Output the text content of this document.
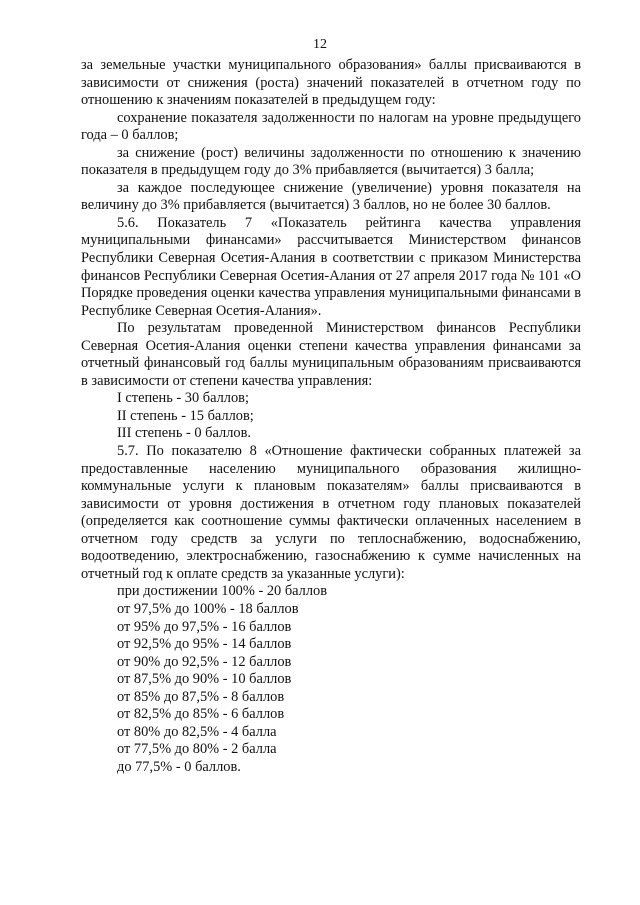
12

за земельные участки муниципального образования» баллы присваиваются в зависимости от снижения (роста) значений показателей в отчетном году по отношению к значениям показателей в предыдущем году:

сохранение показателя задолженности по налогам на уровне предыдущего года – 0 баллов;

за снижение (рост) величины задолженности по отношению к значению показателя в предыдущем году до 3% прибавляется (вычитается) 3 балла;

за каждое последующее снижение (увеличение) уровня показателя на величину до 3% прибавляется (вычитается) 3 баллов, но не более 30 баллов.

5.6. Показатель 7 «Показатель рейтинга качества управления муниципальными финансами» рассчитывается Министерством финансов Республики Северная Осетия-Алания в соответствии с приказом Министерства финансов Республики Северная Осетия-Алания от 27 апреля 2017 года № 101 «О Порядке проведения оценки качества управления муниципальными финансами в Республике Северная Осетия-Алания».

По результатам проведенной Министерством финансов Республики Северная Осетия-Алания оценки степени качества управления финансами за отчетный финансовый год баллы муниципальным образованиям присваиваются в зависимости от степени качества управления:

I степень - 30 баллов;

II степень - 15 баллов;

III степень - 0 баллов.

5.7. По показателю 8 «Отношение фактически собранных платежей за предоставленные населению муниципального образования жилищно-коммунальные услуги к плановым показателям» баллы присваиваются в зависимости от уровня достижения в отчетном году плановых показателей (определяется как соотношение суммы фактически оплаченных населением в отчетном году средств за услуги по теплоснабжению, водоснабжению, водоотведению, электроснабжению, газоснабжению к сумме начисленных на отчетный год к оплате средств за указанные услуги):

при достижении 100% - 20 баллов

от 97,5% до 100% - 18 баллов

от 95% до 97,5% - 16 баллов

от 92,5% до 95% - 14 баллов

от 90% до 92,5% - 12 баллов

от 87,5% до 90% - 10 баллов

от 85% до 87,5% - 8 баллов

от 82,5% до 85% - 6 баллов

от 80% до 82,5% - 4 балла

от 77,5% до 80% - 2 балла

до 77,5% - 0 баллов.
